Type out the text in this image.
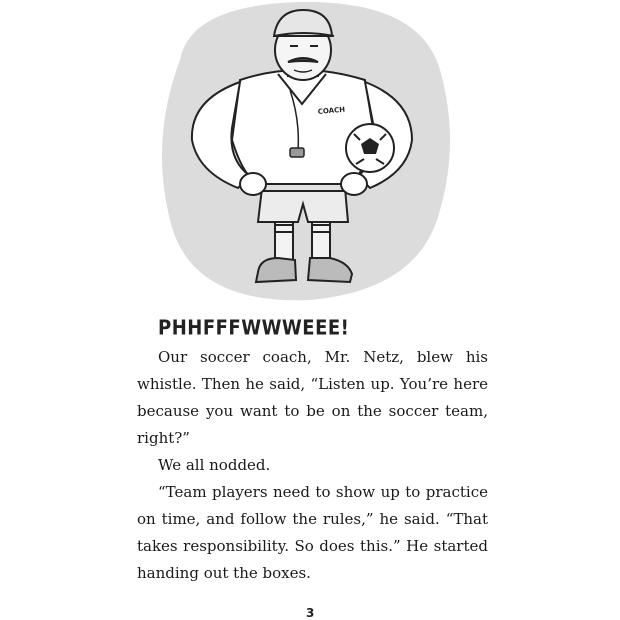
COACH
PHHFFFWWWEEE!

Our soccer coach, Mr. Netz, blew his whistle. Then he said, “Listen up. You’re here because you want to be on the soccer team, right?”

We all nodded.

“Team players need to show up to practice on time, and follow the rules,” he said. “That takes responsibility. So does this.” He started handing out the boxes.

3
